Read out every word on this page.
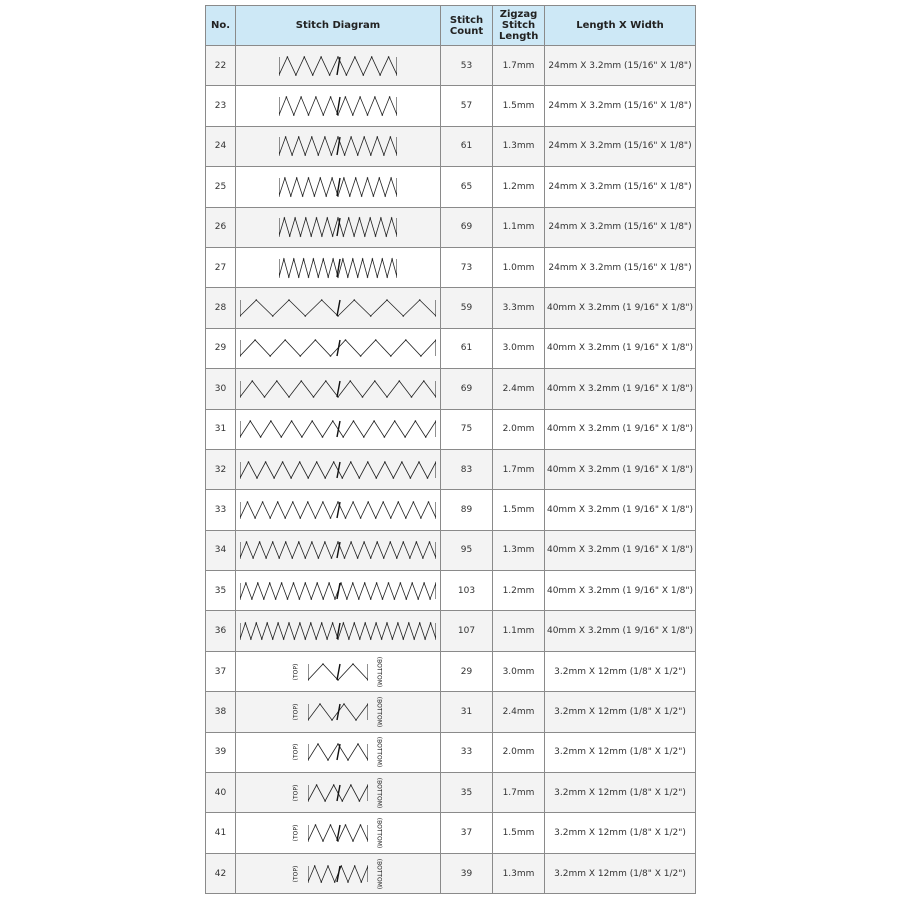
No.	Stitch Diagram	Stitch Count	Zigzag Stitch Length	Length X Width
22		53	1.7mm	24mm X 3.2mm (15/16" X 1/8")
23		57	1.5mm	24mm X 3.2mm (15/16" X 1/8")
24		61	1.3mm	24mm X 3.2mm (15/16" X 1/8")
25		65	1.2mm	24mm X 3.2mm (15/16" X 1/8")
26		69	1.1mm	24mm X 3.2mm (15/16" X 1/8")
27		73	1.0mm	24mm X 3.2mm (15/16" X 1/8")
28		59	3.3mm	40mm X 3.2mm (1 9/16" X 1/8")
29		61	3.0mm	40mm X 3.2mm (1 9/16" X 1/8")
30		69	2.4mm	40mm X 3.2mm (1 9/16" X 1/8")
31		75	2.0mm	40mm X 3.2mm (1 9/16" X 1/8")
32		83	1.7mm	40mm X 3.2mm (1 9/16" X 1/8")
33		89	1.5mm	40mm X 3.2mm (1 9/16" X 1/8")
34		95	1.3mm	40mm X 3.2mm (1 9/16" X 1/8")
35		103	1.2mm	40mm X 3.2mm (1 9/16" X 1/8")
36		107	1.1mm	40mm X 3.2mm (1 9/16" X 1/8")
37	(TOP) (BOTTOM)	29	3.0mm	3.2mm X 12mm (1/8" X 1/2")
38	(TOP) (BOTTOM)	31	2.4mm	3.2mm X 12mm (1/8" X 1/2")
39	(TOP) (BOTTOM)	33	2.0mm	3.2mm X 12mm (1/8" X 1/2")
40	(TOP) (BOTTOM)	35	1.7mm	3.2mm X 12mm (1/8" X 1/2")
41	(TOP) (BOTTOM)	37	1.5mm	3.2mm X 12mm (1/8" X 1/2")
42	(TOP) (BOTTOM)	39	1.3mm	3.2mm X 12mm (1/8" X 1/2")
